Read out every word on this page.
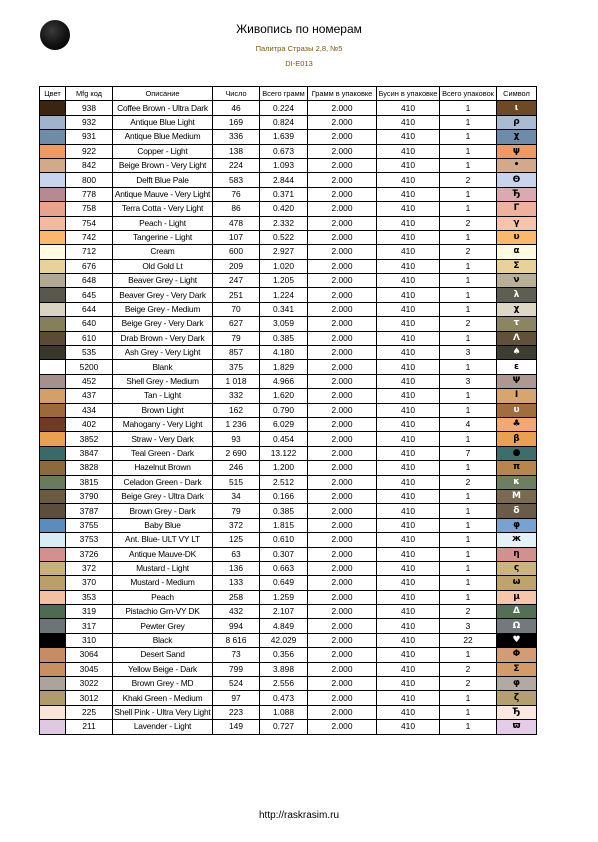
Живопись по номерам
Палитра Стразы 2,8, №5
DI-E013
Цвет	Mfg код	Описание	Число	Всего грамм	Грамм в упаковке	Бусин в упаковке	Всего упаковок	Символ
	938	Coffee Brown - Ultra Dark	46	0.224	2.000	410	1	ι
	932	Antique Blue Light	169	0.824	2.000	410	1	ρ
	931	Antique Blue Medium	336	1.639	2.000	410	1	χ
	922	Copper - Light	138	0.673	2.000	410	1	ψ
	842	Beige Brown - Very Light	224	1.093	2.000	410	1	•
	800	Delft Blue Pale	583	2.844	2.000	410	2	Θ
	778	Antique Mauve - Very Light	76	0.371	2.000	410	1	Ђ
	758	Terra Cotta - Very Light	86	0.420	2.000	410	1	Γ
	754	Peach - Light	478	2.332	2.000	410	2	γ
	742	Tangerine - Light	107	0.522	2.000	410	1	υ
	712	Cream	600	2.927	2.000	410	2	α
	676	Old Gold Lt	209	1.020	2.000	410	1	Σ
	648	Beaver Grey - Light	247	1.205	2.000	410	1	ν
	645	Beaver Grey - Very Dark	251	1.224	2.000	410	1	λ
	644	Beige Grey - Medium	70	0.341	2.000	410	1	χ
	640	Beige Grey - Very Dark	627	3.059	2.000	410	2	τ
	610	Drab Brown - Very Dark	79	0.385	2.000	410	1	Λ
	535	Ash Grey - Very Light	857	4.180	2.000	410	3	♠
	5200	Blank	375	1.829	2.000	410	1	ε
	452	Shell Grey - Medium	1 018	4.966	2.000	410	3	Ψ
	437	Tan - Light	332	1.620	2.000	410	1	Ι
	434	Brown Light	162	0.790	2.000	410	1	υ
	402	Mahogany - Very Light	1 236	6.029	2.000	410	4	♣
	3852	Straw - Very Dark	93	0.454	2.000	410	1	β
	3847	Teal Green - Dark	2 690	13.122	2.000	410	7	●
	3828	Hazelnut Brown	246	1.200	2.000	410	1	π
	3815	Celadon Green - Dark	515	2.512	2.000	410	2	κ
	3790	Beige Grey - Ultra Dark	34	0.166	2.000	410	1	Μ
	3787	Brown Grey - Dark	79	0.385	2.000	410	1	δ
	3755	Baby Blue	372	1.815	2.000	410	1	φ
	3753	Ant. Blue- ULT VY LT	125	0.610	2.000	410	1	ж
	3726	Antique Mauve-DK	63	0.307	2.000	410	1	η
	372	Mustard - Light	136	0.663	2.000	410	1	ς
	370	Mustard - Medium	133	0.649	2.000	410	1	ω
	353	Peach	258	1.259	2.000	410	1	μ
	319	Pistachio Grn-VY DK	432	2.107	2.000	410	2	Δ
	317	Pewter Grey	994	4.849	2.000	410	3	Ω
	310	Black	8 616	42.029	2.000	410	22	♥
	3064	Desert Sand	73	0.356	2.000	410	1	Φ
	3045	Yellow Beige - Dark	799	3.898	2.000	410	2	Σ
	3022	Brown Grey - MD	524	2.556	2.000	410	2	φ
	3012	Khaki Green - Medium	97	0.473	2.000	410	1	ζ
	225	Shell Pink - Ultra Very Light	223	1.088	2.000	410	1	Ђ
	211	Lavender - Light	149	0.727	2.000	410	1	ϖ
http://raskrasim.ru
